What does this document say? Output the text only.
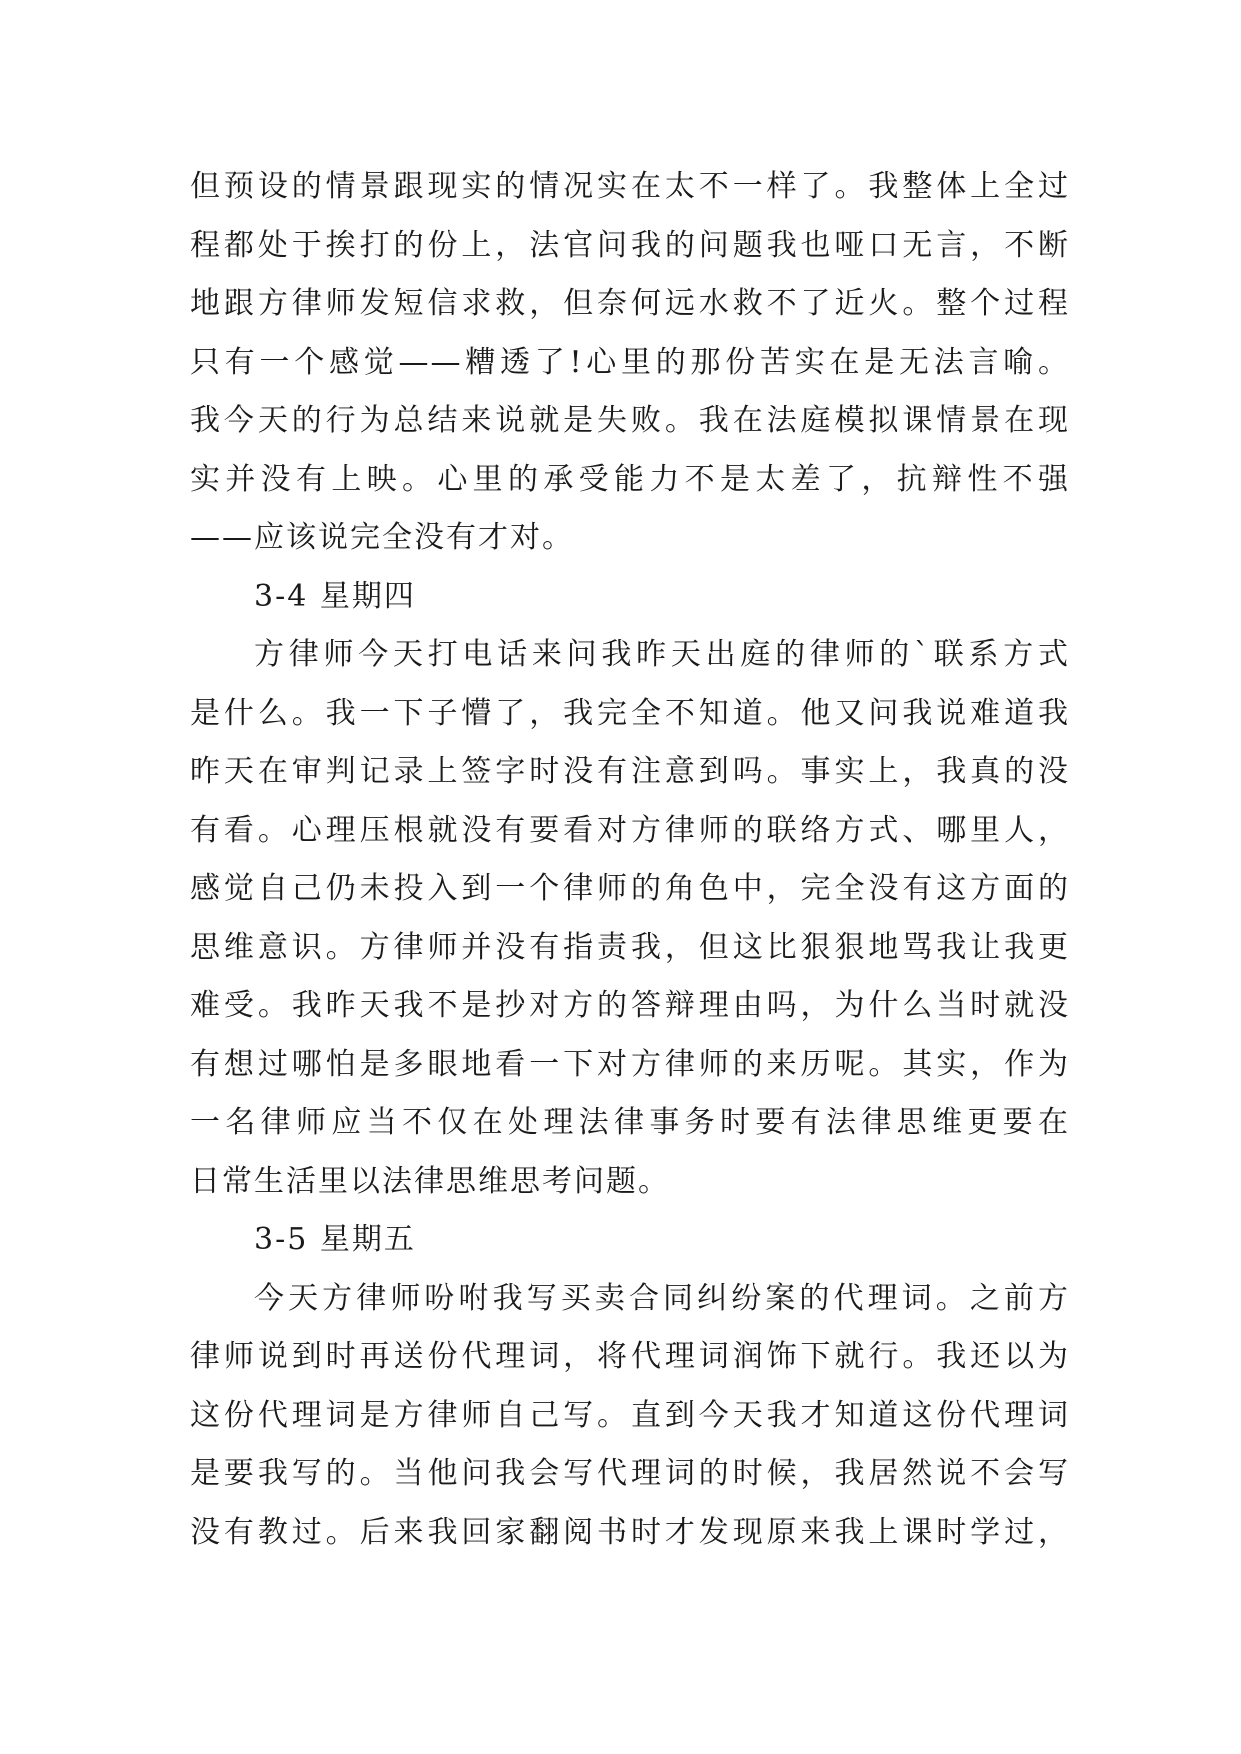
但预设的情景跟现实的情况实在太不一样了。我整体上全过
程都处于挨打的份上，法官问我的问题我也哑口无言，不断
地跟方律师发短信求救，但奈何远水救不了近火。整个过程
只有一个感觉——糟透了!心里的那份苦实在是无法言喻。
我今天的行为总结来说就是失败。我在法庭模拟课情景在现
实并没有上映。心里的承受能力不是太差了，抗辩性不强
——应该说完全没有才对。
3-4 星期四
方律师今天打电话来问我昨天出庭的律师的`联系方式
是什么。我一下子懵了，我完全不知道。他又问我说难道我
昨天在审判记录上签字时没有注意到吗。事实上，我真的没
有看。心理压根就没有要看对方律师的联络方式、哪里人，
感觉自己仍未投入到一个律师的角色中，完全没有这方面的
思维意识。方律师并没有指责我，但这比狠狠地骂我让我更
难受。我昨天我不是抄对方的答辩理由吗，为什么当时就没
有想过哪怕是多眼地看一下对方律师的来历呢。其实，作为
一名律师应当不仅在处理法律事务时要有法律思维更要在
日常生活里以法律思维思考问题。
3-5 星期五
今天方律师吩咐我写买卖合同纠纷案的代理词。之前方
律师说到时再送份代理词，将代理词润饰下就行。我还以为
这份代理词是方律师自己写。直到今天我才知道这份代理词
是要我写的。当他问我会写代理词的时候，我居然说不会写
没有教过。后来我回家翻阅书时才发现原来我上课时学过，
